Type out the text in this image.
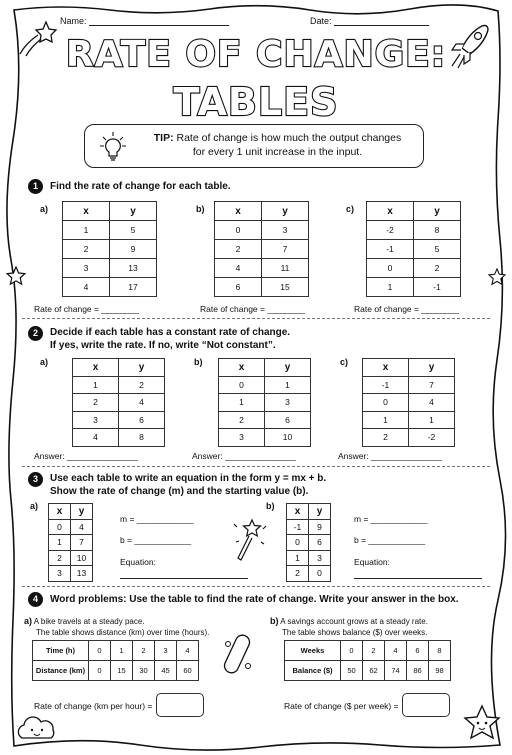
Name:	Date:
RATE OF CHANGE:
TABLES
TIP: Rate of change is how much the output changes
for every 1 unit increase in the input.
1	Find the rate of change for each table.
2	Decide if each table has a constant rate of change.
If yes, write the rate. If no, write “Not constant”.
3	Use each table to write an equation in the form y = mx + b.
Show the rate of change (m) and the starting value (b).
4	Word problems: Use the table to find the rate of change. Write your answer in the box.
a) A bike travels at a steady pace.
The table shows distance (km) over time (hours).
b) A savings account grows at a steady rate.
The table shows balance ($) over weeks.
Rate of change (km per hour) =	Rate of change ($ per week) =
a)	x	y
1	5
2	9
3	13
4	17
Rate of change = ________
b)	x	y
0	3
2	7
4	11
6	15
Rate of change = ________
c)	x	y
-2	8
-1	5
0	2
1	-1
Rate of change = ________
a)	x	y
1	2
2	4
3	6
4	8
Answer: _______________
b)	x	y
0	1
1	3
2	6
3	10
Answer: _______________
c)	x	y
-1	7
0	4
1	1
2	-2
Answer: _______________
a) x	y
0	4
1	7
2	10
3	13
m = ____________
b = ____________
Equation:
b) x	y
-1	9
0	6
1	3
2	0
m = ____________
b = ____________
Equation:
Time (h)	0	1	2	3	4
Distance (km)	0	15	30	45	60
Weeks	0	2	4	6	8
Balance ($)	50	62	74	86	98
